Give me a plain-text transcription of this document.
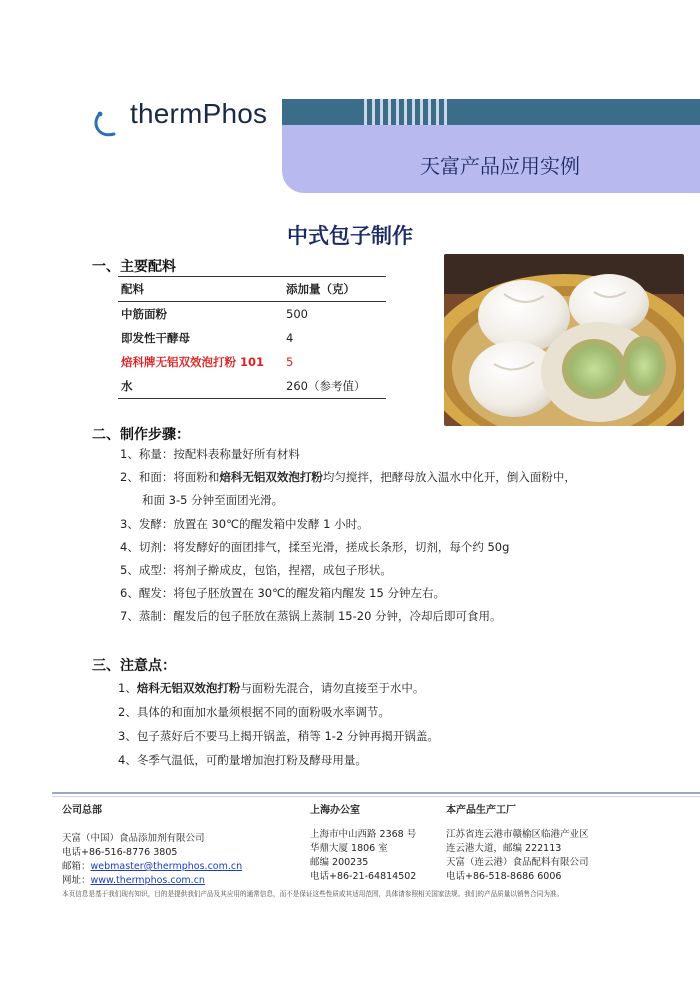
thermPhos
天富产品应用实例
中式包子制作
一、主要配料
配料	添加量（克）
中筋面粉	500
即发性干酵母	4
焙科牌无铝双效泡打粉 101	5
水	260（参考值）
二、制作步骤：
1、称量：按配料表称量好所有材料
2、和面：将面粉和焙科无铝双效泡打粉均匀搅拌，把酵母放入温水中化开，倒入面粉中，
和面 3-5 分钟至面团光滑。
3、发酵：放置在 30℃的醒发箱中发酵 1 小时。
4、切剂：将发酵好的面团排气，揉至光滑，搓成长条形，切剂，每个约 50g
5、成型：将剂子擀成皮，包馅，捏褶，成包子形状。
6、醒发：将包子胚放置在 30℃的醒发箱内醒发 15 分钟左右。
7、蒸制：醒发后的包子胚放在蒸锅上蒸制 15-20 分钟，冷却后即可食用。
三、注意点：
1、焙科无铝双效泡打粉与面粉先混合，请勿直接至于水中。
2、具体的和面加水量须根据不同的面粉吸水率调节。
3、包子蒸好后不要马上揭开锅盖，稍等 1-2 分钟再揭开锅盖。
4、冬季气温低，可酌量增加泡打粉及酵母用量。
公司总部
天富（中国）食品添加剂有限公司
电话+86-516-8776 3805
邮箱：webmaster@thermphos.com.cn
网址：www.thermphos.com.cn
上海办公室
上海市中山西路 2368 号
华鼎大厦 1806 室
邮编 200235
电话+86-21-64814502
本产品生产工厂
江苏省连云港市赣榆区临港产业区
连云港大道，邮编 222113
天富（连云港）食品配料有限公司
电话+86-518-8686 6006
本页信息是基于我们现有知识，目的是提供我们产品及其应用的通常信息，而不是保证这些性质或其适用范围，具体请参照相关国家法规。我们的产品质量以销售合同为准。
